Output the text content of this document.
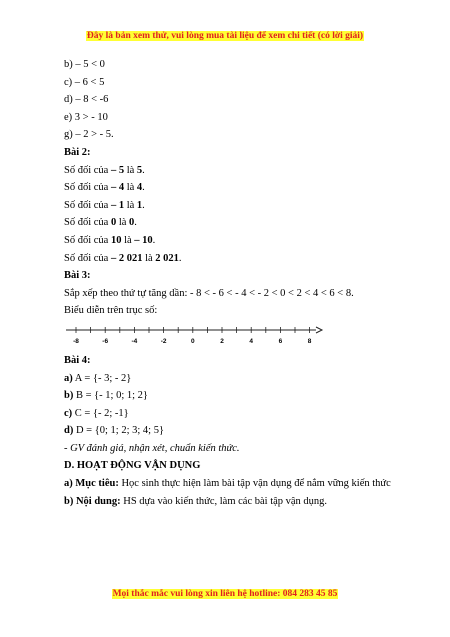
Đây là bản xem thử, vui lòng mua tài liệu để xem chi tiết (có lời giải)
b) – 5 < 0
c) – 6 < 5
d) – 8 < -6
e) 3 > - 10
g) – 2 > - 5.
Bài 2:
Số đối của – 5 là 5.
Số đối của – 4 là 4.
Số đối của – 1 là 1.
Số đối của 0 là 0.
Số đối của 10 là – 10.
Số đối của – 2 021 là 2 021.
Bài 3:
Sắp xếp theo thứ tự tăng dần: - 8 < - 6 < - 4 < - 2 < 0 < 2 < 4 < 6 < 8.
Biểu diễn trên trục số:
-8	-6	-4	-2	0	2	4	6	8
Bài 4:
a) A = {- 3; - 2}
b) B = {- 1; 0; 1; 2}
c) C = {- 2; -1}
d) D = {0; 1; 2; 3; 4; 5}
- GV đánh giá, nhận xét, chuẩn kiến thức.
D. HOẠT ĐỘNG VẬN DỤNG
a) Mục tiêu: Học sinh thực hiện làm bài tập vận dụng để nắm vững kiến thức
b) Nội dung: HS dựa vào kiến thức, làm các bài tập vận dụng.
Mọi thắc mắc vui lòng xin liên hệ hotline: 084 283 45 85
